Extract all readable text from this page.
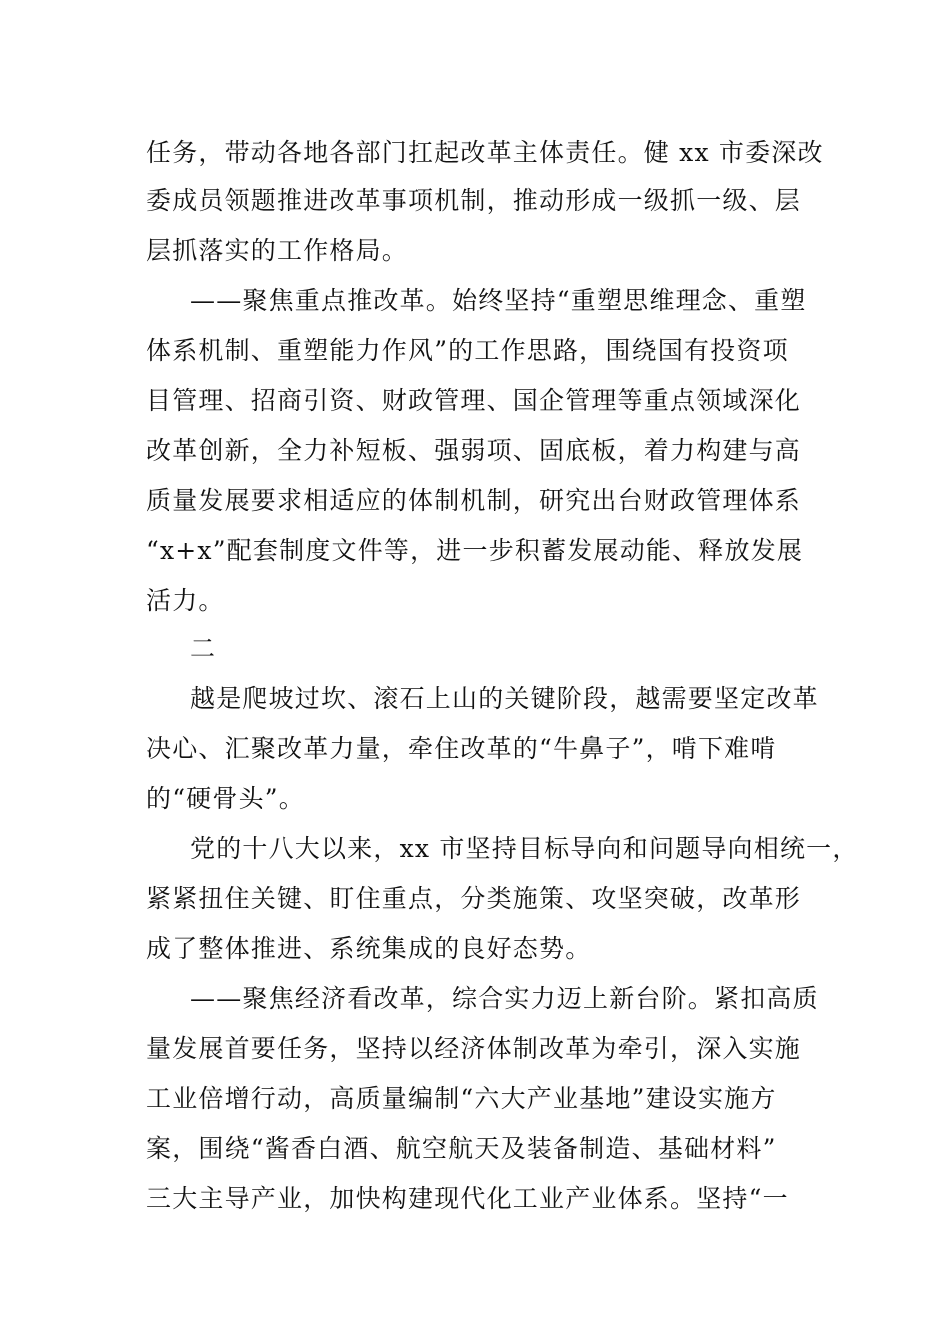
任务，带动各地各部门扛起改革主体责任。健 xx 市委深改
委成员领题推进改革事项机制，推动形成一级抓一级、层
层抓落实的工作格局。
——聚焦重点推改革。始终坚持“重塑思维理念、重塑
体系机制、重塑能力作风”的工作思路，围绕国有投资项
目管理、招商引资、财政管理、国企管理等重点领域深化
改革创新，全力补短板、强弱项、固底板，着力构建与高
质量发展要求相适应的体制机制，研究出台财政管理体系
“x+x”配套制度文件等，进一步积蓄发展动能、释放发展
活力。
二
越是爬坡过坎、滚石上山的关键阶段，越需要坚定改革
决心、汇聚改革力量，牵住改革的“牛鼻子”，啃下难啃
的“硬骨头”。
党的十八大以来，xx 市坚持目标导向和问题导向相统一，
紧紧扭住关键、盯住重点，分类施策、攻坚突破，改革形
成了整体推进、系统集成的良好态势。
——聚焦经济看改革，综合实力迈上新台阶。紧扣高质
量发展首要任务，坚持以经济体制改革为牵引，深入实施
工业倍增行动，高质量编制“六大产业基地”建设实施方
案，围绕“酱香白酒、航空航天及装备制造、基础材料”
三大主导产业，加快构建现代化工业产业体系。坚持“一
